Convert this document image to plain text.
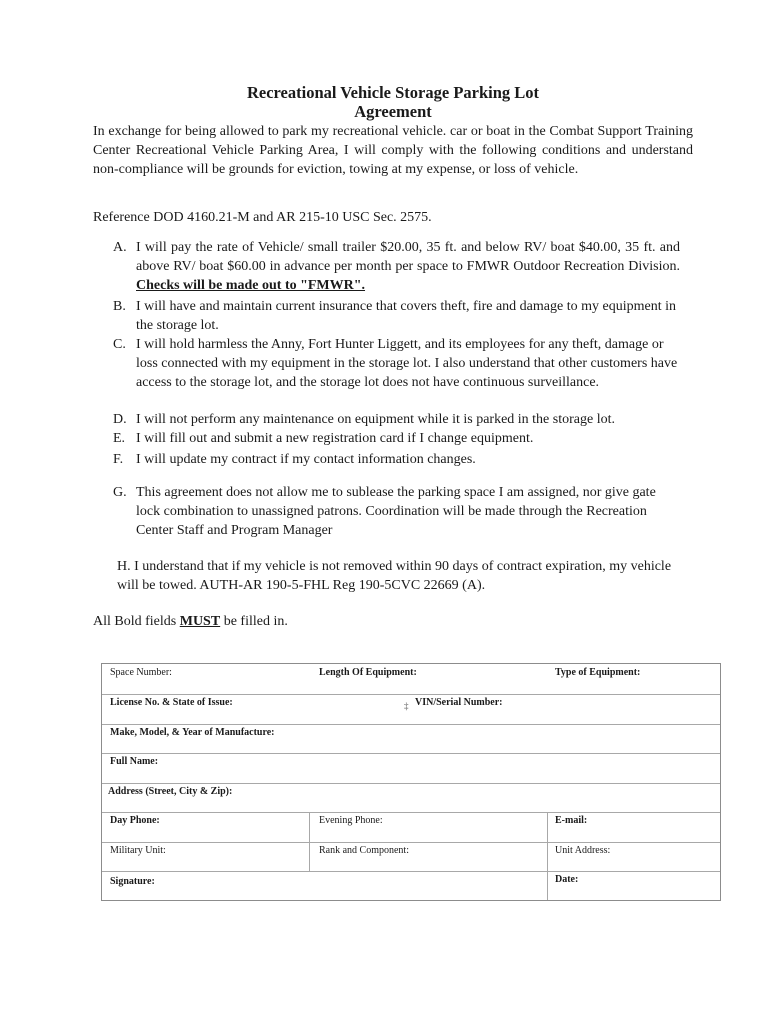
Recreational Vehicle Storage Parking Lot
Agreement
In exchange for being allowed to park my recreational vehicle. car or boat in the Combat Support Training Center Recreational Vehicle Parking Area, I will comply with the following conditions and understand non-compliance will be grounds for eviction, towing at my expense, or loss of vehicle.
Reference DOD 4160.21-M and AR 215-10 USC Sec. 2575.
A. I will pay the rate of Vehicle/ small trailer $20.00, 35 ft. and below RV/ boat $40.00, 35 ft. and above RV/ boat $60.00 in advance per month per space to FMWR Outdoor Recreation Division. Checks will be made out to "FMWR".
B. I will have and maintain current insurance that covers theft, fire and damage to my equipment in the storage lot.
C. I will hold harmless the Anny, Fort Hunter Liggett, and its employees for any theft, damage or loss connected with my equipment in the storage lot. I also understand that other customers have access to the storage lot, and the storage lot does not have continuous surveillance.
D. I will not perform any maintenance on equipment while it is parked in the storage lot.
E. I will fill out and submit a new registration card if I change equipment.
F. I will update my contract if my contact information changes.
G. This agreement does not allow me to sublease the parking space I am assigned, nor give gate lock combination to unassigned patrons. Coordination will be made through the Recreation Center Staff and Program Manager
H. I understand that if my vehicle is not removed within 90 days of contract expiration, my vehicle will be towed. AUTH-AR 190-5-FHL Reg 190-5CVC 22669 (A).
All Bold fields MUST be filled in.
Space Number:	Length Of Equipment:	Type of Equipment:
License No. & State of Issue:	‡ VIN/Serial Number:
Make, Model, & Year of Manufacture:
Full Name:
Address (Street, City & Zip):
Day Phone:	Evening Phone:	E-mail:
Military Unit:	Rank and Component:	Unit Address:
Signature:	Date:
